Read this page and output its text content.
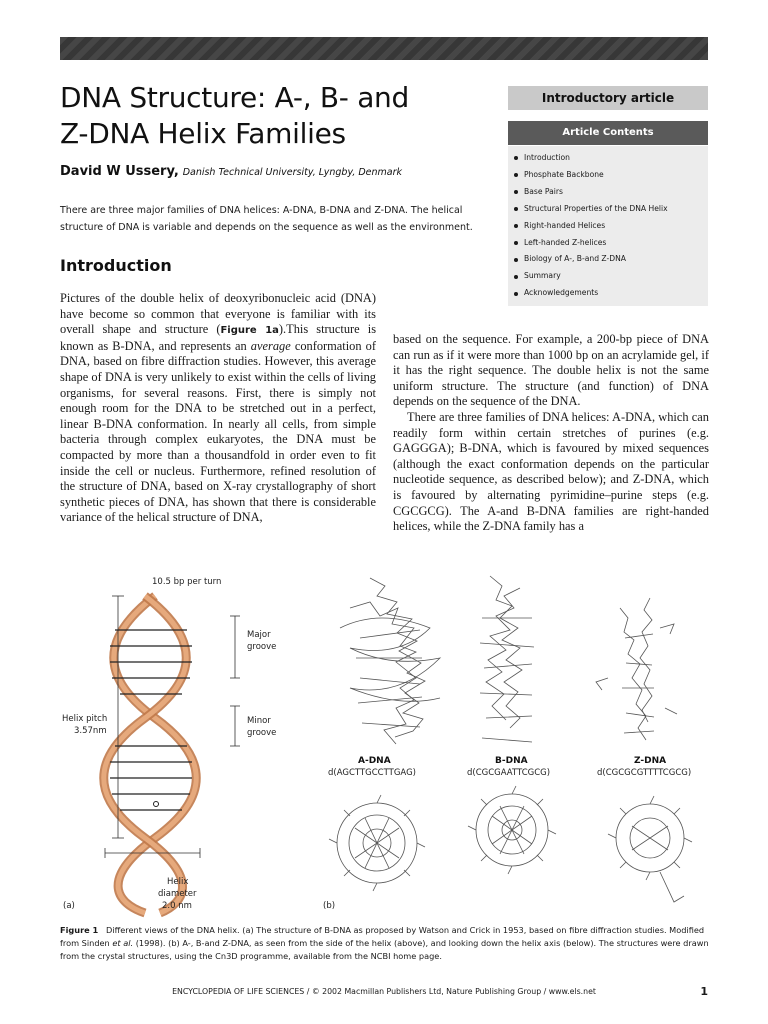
DNA Structure: A-, B- and
Z-DNA Helix Families
David W Ussery, Danish Technical University, Lyngby, Denmark

There are three major families of DNA helices: A-DNA, B-DNA and Z-DNA. The helical structure of DNA is variable and depends on the sequence as well as the environment.

Introductory article
Article Contents
Introduction
Phosphate Backbone
Base Pairs
Structural Properties of the DNA Helix
Right-handed Helices
Left-handed Z-helices
Biology of A-, B-and Z-DNA
Summary
Acknowledgements
Introduction

Pictures of the double helix of deoxyribonucleic acid (DNA) have become so common that everyone is familiar with its overall shape and structure (Figure 1a).This structure is known as B-DNA, and represents an average conformation of DNA, based on fibre diffraction studies. However, this average shape of DNA is very unlikely to exist within the cells of living organisms, for several reasons. First, there is simply not enough room for the DNA to be stretched out in a perfect, linear B-DNA conformation. In nearly all cells, from simple bacteria through complex eukaryotes, the DNA must be compacted by more than a thousandfold in order even to fit inside the cell or nucleus. Furthermore, refined resolution of the structure of DNA, based on X-ray crystallography of short synthetic pieces of DNA, has shown that there is considerable variance of the helical structure of DNA,

based on the sequence. For example, a 200-bp piece of DNA can run as if it were more than 1000 bp on an acrylamide gel, if it has the right sequence. The double helix is not the same uniform structure. The structure (and function) of DNA depends on the sequence of the DNA.

There are three families of DNA helices: A-DNA, which can readily form within certain stretches of purines (e.g. GAGGGA); B-DNA, which is favoured by mixed sequences (although the exact conformation depends on the particular nucleotide sequence, as described below); and Z-DNA, which is favoured by alternating pyrimidine–purine steps (e.g. CGCGCG). The A-and B-DNA families are right-handed helices, while the Z-DNA family has a

10.5 bp per turn
Major
groove
Minor
groove
Helix pitch
3.57nm
Helix
diameter
2.0 nm
(a)	(b)
A-DNA
d(AGCTTGCCTTGAG)
B-DNA
d(CGCGAATTCGCG)
Z-DNA
d(CGCGCGTTTTCGCG)

Figure 1 Different views of the DNA helix. (a) The structure of B-DNA as proposed by Watson and Crick in 1953, based on fibre diffraction studies. Modified from Sinden et al. (1998). (b) A-, B-and Z-DNA, as seen from the side of the helix (above), and looking down the helix axis (below). The structures were drawn from the crystal structures, using the Cn3D programme, available from the NCBI home page.

ENCYCLOPEDIA OF LIFE SCIENCES / © 2002 Macmillan Publishers Ltd, Nature Publishing Group / www.els.net	1
